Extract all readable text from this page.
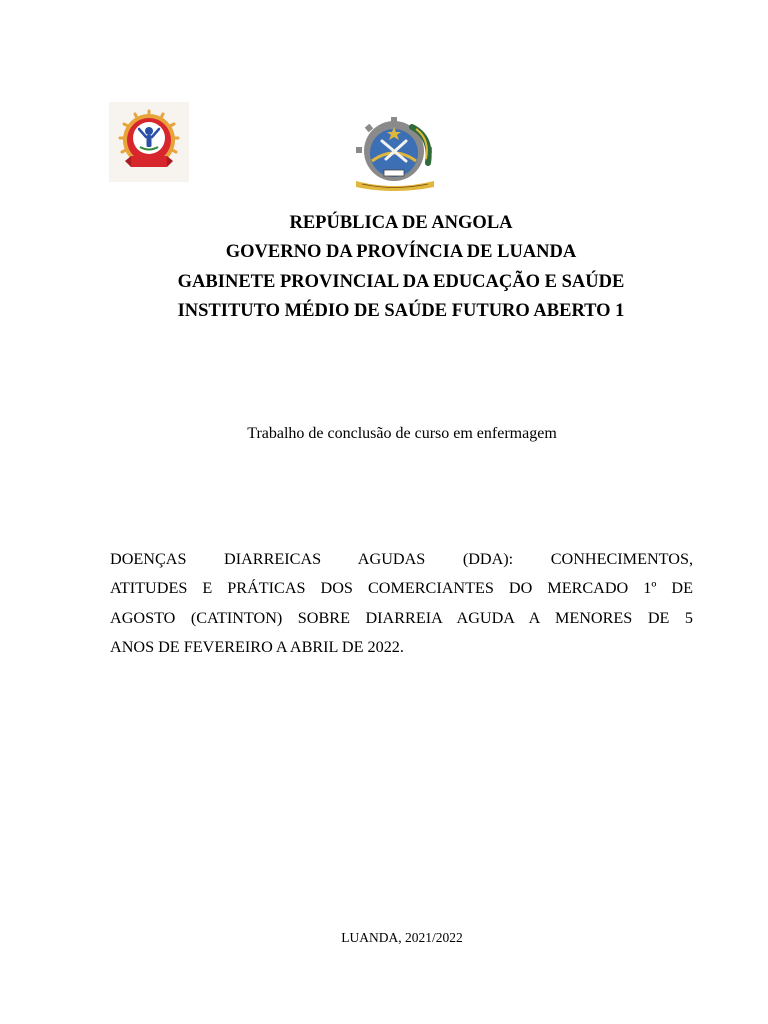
REPÚBLICA DE ANGOLA
GOVERNO DA PROVÍNCIA DE LUANDA
GABINETE PROVINCIAL DA EDUCAÇÃO E SAÚDE
INSTITUTO MÉDIO DE SAÚDE FUTURO ABERTO 1
Trabalho de conclusão de curso em enfermagem
DOENÇAS DIARREICAS AGUDAS (DDA): CONHECIMENTOS,
ATITUDES E PRÁTICAS DOS COMERCIANTES DO MERCADO 1º DE
AGOSTO (CATINTON) SOBRE DIARREIA AGUDA A MENORES DE 5
ANOS DE FEVEREIRO A ABRIL DE 2022.
LUANDA, 2021/2022
